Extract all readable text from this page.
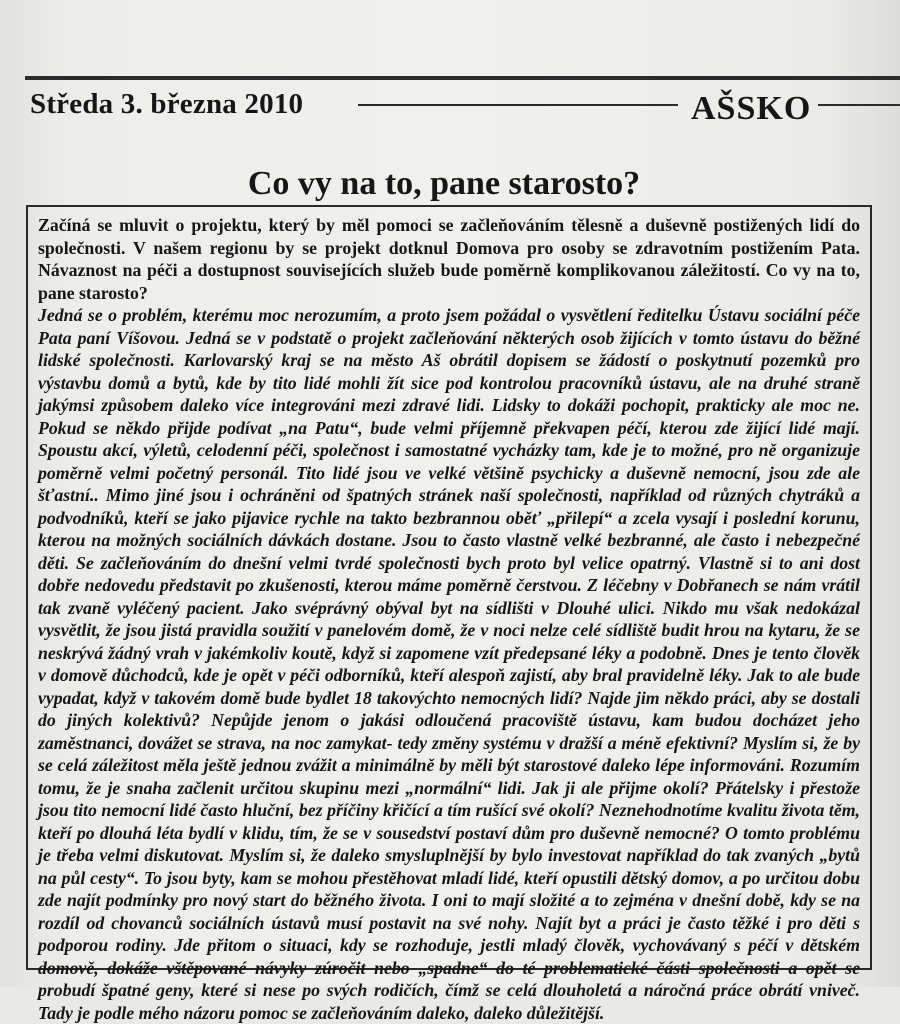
Středa 3. března 2010	AŠSKO
Co vy na to, pane starosto?

Začíná se mluvit o projektu, který by měl pomoci se začleňováním tělesně a duševně postižených lidí do společnosti. V našem regionu by se projekt dotknul Domova pro osoby se zdravotním postižením Pata. Návaznost na péči a dostupnost souvisejících služeb bude poměrně komplikovanou záležitostí. Co vy na to, pane starosto?

Jedná se o problém, kterému moc nerozumím, a proto jsem požádal o vysvětlení ředitelku Ústavu sociální péče Pata paní Víšovou. Jedná se v podstatě o projekt začleňování některých osob žijících v tomto ústavu do běžné lidské společnosti. Karlovarský kraj se na město Aš obrátil dopisem se žádostí o poskytnutí pozemků pro výstavbu domů a bytů, kde by tito lidé mohli žít sice pod kontrolou pracovníků ústavu, ale na druhé straně jakýmsi způsobem daleko více integrováni mezi zdravé lidi. Lidsky to dokáži pochopit, prakticky ale moc ne. Pokud se někdo přijde podívat „na Patu“, bude velmi příjemně překvapen péčí, kterou zde žijící lidé mají. Spoustu akcí, výletů, celodenní péči, společnost i samostatné vycházky tam, kde je to možné, pro ně organizuje poměrně velmi početný personál. Tito lidé jsou ve velké většině psychicky a duševně nemocní, jsou zde ale šťastní.. Mimo jiné jsou i ochráněni od špatných stránek naší společnosti, například od různých chytráků a podvodníků, kteří se jako pijavice rychle na takto bezbrannou oběť „přilepí“ a zcela vysají i poslední korunu, kterou na možných sociálních dávkách dostane. Jsou to často vlastně velké bezbranné, ale často i nebezpečné děti. Se začleňováním do dnešní velmi tvrdé společnosti bych proto byl velice opatrný. Vlastně si to ani dost dobře nedovedu představit po zkušenosti, kterou máme poměrně čerstvou. Z léčebny v Dobřanech se nám vrátil tak zvaně vyléčený pacient. Jako svéprávný obýval byt na sídlišti v Dlouhé ulici. Nikdo mu však nedokázal vysvětlit, že jsou jistá pravidla soužití v panelovém domě, že v noci nelze celé sídliště budit hrou na kytaru, že se neskrývá žádný vrah v jakémkoliv koutě, když si zapomene vzít předepsané léky a podobně. Dnes je tento člověk v domově důchodců, kde je opět v péči odborníků, kteří alespoň zajistí, aby bral pravidelně léky. Jak to ale bude vypadat, když v takovém domě bude bydlet 18 takovýchto nemocných lidí? Najde jim někdo práci, aby se dostali do jiných kolektivů? Nepůjde jenom o jakási odloučená pracoviště ústavu, kam budou docházet jeho zaměstnanci, dovážet se strava, na noc zamykat- tedy změny systému v dražší a méně efektivní? Myslím si, že by se celá záležitost měla ještě jednou zvážit a minimálně by měli být starostové daleko lépe informováni. Rozumím tomu, že je snaha začlenit určitou skupinu mezi „normální“ lidi. Jak ji ale přijme okolí? Přátelsky i přestože jsou tito nemocní lidé často hluční, bez příčiny křičící a tím rušící své okolí? Neznehodnotíme kvalitu života těm, kteří po dlouhá léta bydlí v klidu, tím, že se v sousedství postaví dům pro duševně nemocné? O tomto problému je třeba velmi diskutovat. Myslím si, že daleko smysluplnější by bylo investovat například do tak zvaných „bytů na půl cesty“. To jsou byty, kam se mohou přestěhovat mladí lidé, kteří opustili dětský domov, a po určitou dobu zde najít podmínky pro nový start do běžného života. I oni to mají složité a to zejména v dnešní době, kdy se na rozdíl od chovanců sociálních ústavů musí postavit na své nohy. Najít byt a práci je často těžké i pro děti s podporou rodiny. Jde přitom o situaci, kdy se rozhoduje, jestli mladý člověk, vychovávaný s péčí v dětském domově, dokáže vštěpované návyky zúročit nebo „spadne“ do té problematické části společnosti a opět se probudí špatné geny, které si nese po svých rodičích, čímž se celá dlouholetá a náročná práce obrátí vniveč. Tady je podle mého názoru pomoc se začleňováním daleko, daleko důležitější.
